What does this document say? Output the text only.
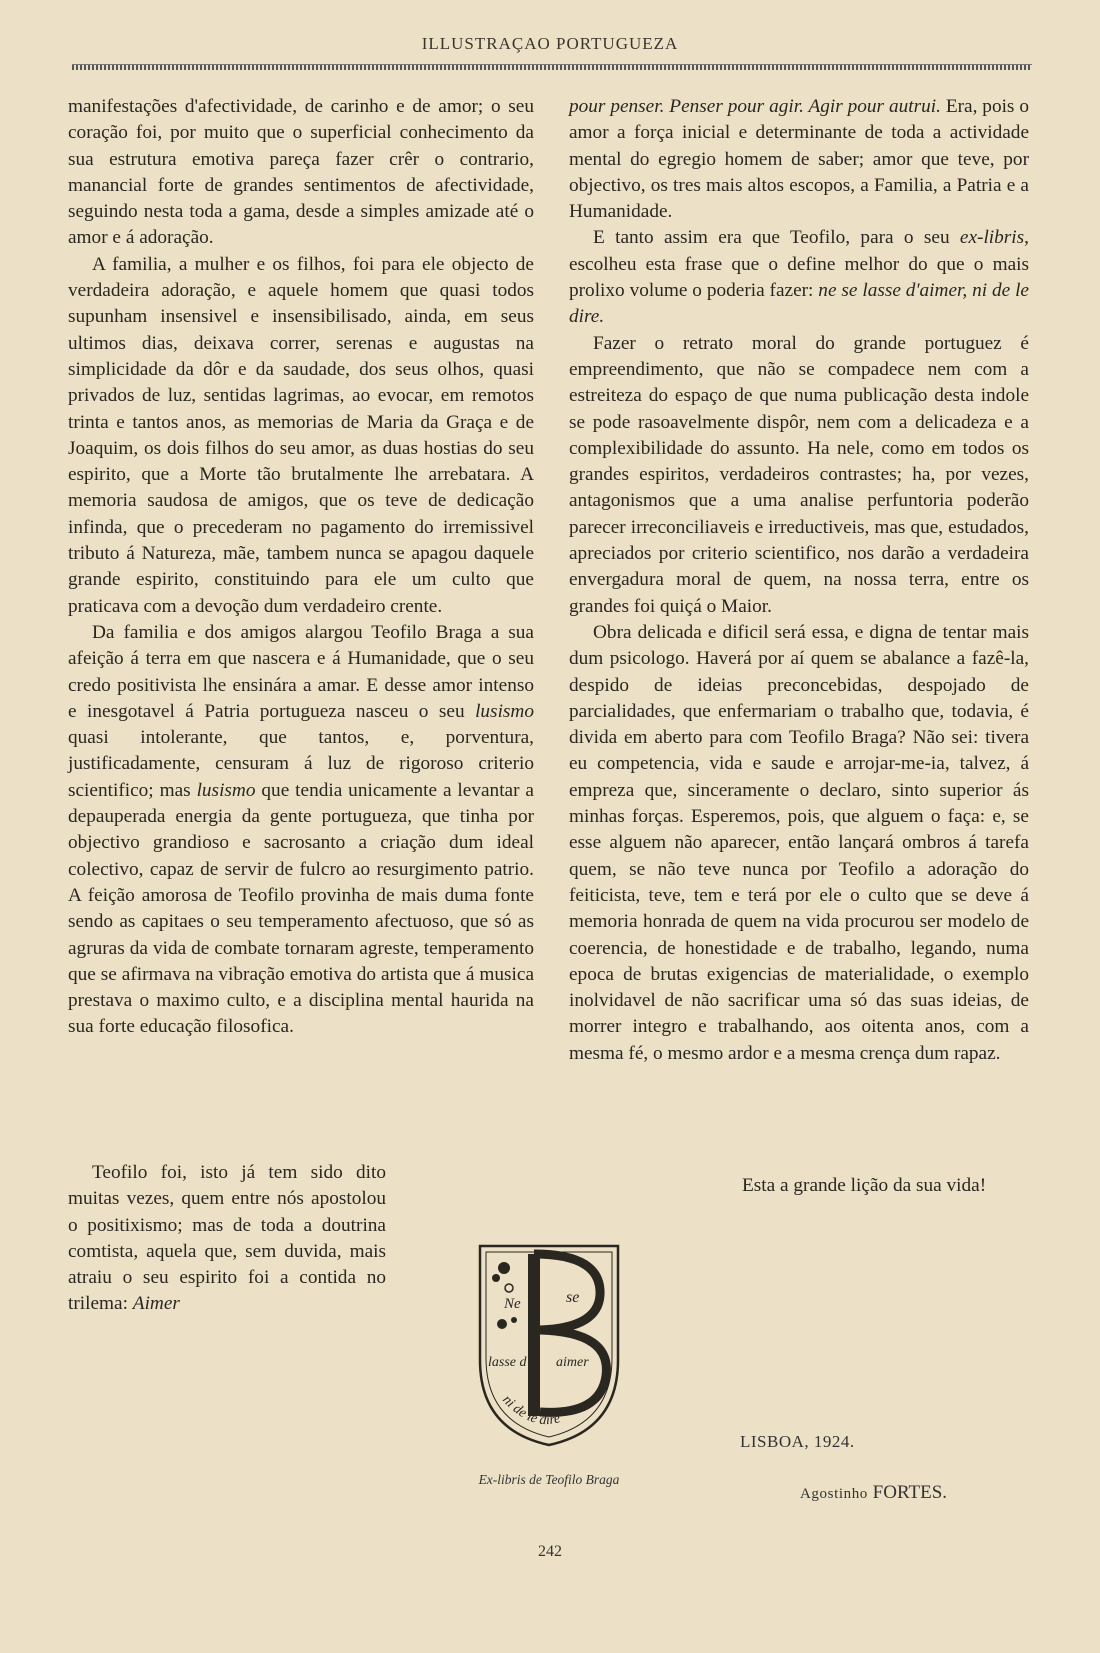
ILLUSTRAÇAO PORTUGUEZA

manifestações d'afectividade, de carinho e de amor; o seu coração foi, por muito que o superficial conhecimento da sua estrutura emotiva pareça fazer crêr o contrario, manancial forte de grandes sentimentos de afectividade, seguindo nesta toda a gama, desde a simples amizade até o amor e á adoração.

A familia, a mulher e os filhos, foi para ele objecto de verdadeira adoração, e aquele homem que quasi todos supunham insensivel e insensibilisado, ainda, em seus ultimos dias, deixava correr, serenas e augustas na simplicidade da dôr e da saudade, dos seus olhos, quasi privados de luz, sentidas lagrimas, ao evocar, em remotos trinta e tantos anos, as memorias de Maria da Graça e de Joaquim, os dois filhos do seu amor, as duas hostias do seu espirito, que a Morte tão brutalmente lhe arrebatara. A memoria saudosa de amigos, que os teve de dedicação infinda, que o precederam no pagamento do irremissivel tributo á Natureza, mãe, tambem nunca se apagou daquele grande espirito, constituindo para ele um culto que praticava com a devoção dum verdadeiro crente.

Da familia e dos amigos alargou Teofilo Braga a sua afeição á terra em que nascera e á Humanidade, que o seu credo positivista lhe ensinára a amar. E desse amor intenso e inesgotavel á Patria portugueza nasceu o seu lusismo quasi intolerante, que tantos, e, porventura, justificadamente, censuram á luz de rigoroso criterio scientifico; mas lusismo que tendia unicamente a levantar a depauperada energia da gente portugueza, que tinha por objectivo grandioso e sacrosanto a criação dum ideal colectivo, capaz de servir de fulcro ao resurgimento patrio. A feição amorosa de Teofilo provinha de mais duma fonte sendo as capitaes o seu temperamento afectuoso, que só as agruras da vida de combate tornaram agreste, temperamento que se afirmava na vibração emotiva do artista que á musica prestava o maximo culto, e a disciplina mental haurida na sua forte educação filosofica.

Teofilo foi, isto já tem sido dito muitas vezes, quem entre nós apostolou o positixismo; mas de toda a doutrina comtista, aquela que, sem duvida, mais atraiu o seu espirito foi a contida no trilema: Aimer

pour penser. Penser pour agir. Agir pour autrui. Era, pois o amor a força inicial e determinante de toda a actividade mental do egregio homem de saber; amor que teve, por objectivo, os tres mais altos escopos, a Familia, a Patria e a Humanidade.

E tanto assim era que Teofilo, para o seu ex-libris, escolheu esta frase que o define melhor do que o mais prolixo volume o poderia fazer: ne se lasse d'aimer, ni de le dire.

Fazer o retrato moral do grande portuguez é empreendimento, que não se compadece nem com a estreiteza do espaço de que numa publicação desta indole se pode rasoavelmente dispôr, nem com a delicadeza e a complexibilidade do assunto. Ha nele, como em todos os grandes espiritos, verdadeiros contrastes; ha, por vezes, antagonismos que a uma analise perfuntoria poderão parecer irreconciliaveis e irreductiveis, mas que, estudados, apreciados por criterio scientifico, nos darão a verdadeira envergadura moral de quem, na nossa terra, entre os grandes foi quiçá o Maior.

Obra delicada e dificil será essa, e digna de tentar mais dum psicologo. Haverá por aí quem se abalance a fazê-la, despido de ideias preconcebidas, despojado de parcialidades, que enfermariam o trabalho que, todavia, é divida em aberto para com Teofilo Braga? Não sei: tivera eu competencia, vida e saude e arrojar-me-ia, talvez, á empreza que, sinceramente o declaro, sinto superior ás minhas forças. Esperemos, pois, que alguem o faça: e, se esse alguem não aparecer, então lançará ombros á tarefa quem, se não teve nunca por Teofilo a adoração do feiticista, teve, tem e terá por ele o culto que se deve á memoria honrada de quem na vida procurou ser modelo de coerencia, de honestidade e de trabalho, legando, numa epoca de brutas exigencias de materialidade, o exemplo inolvidavel de não sacrificar uma só das suas ideias, de morrer integro e trabalhando, aos oitenta anos, com a mesma fé, o mesmo ardor e a mesma crença dum rapaz.

Esta a grande lição da sua vida!

LISBOA, 1924.
Agostinho FORTES.
Ne	se
lasse d' aimer
ni de le dire
Ex-libris de Teofilo Braga
242
